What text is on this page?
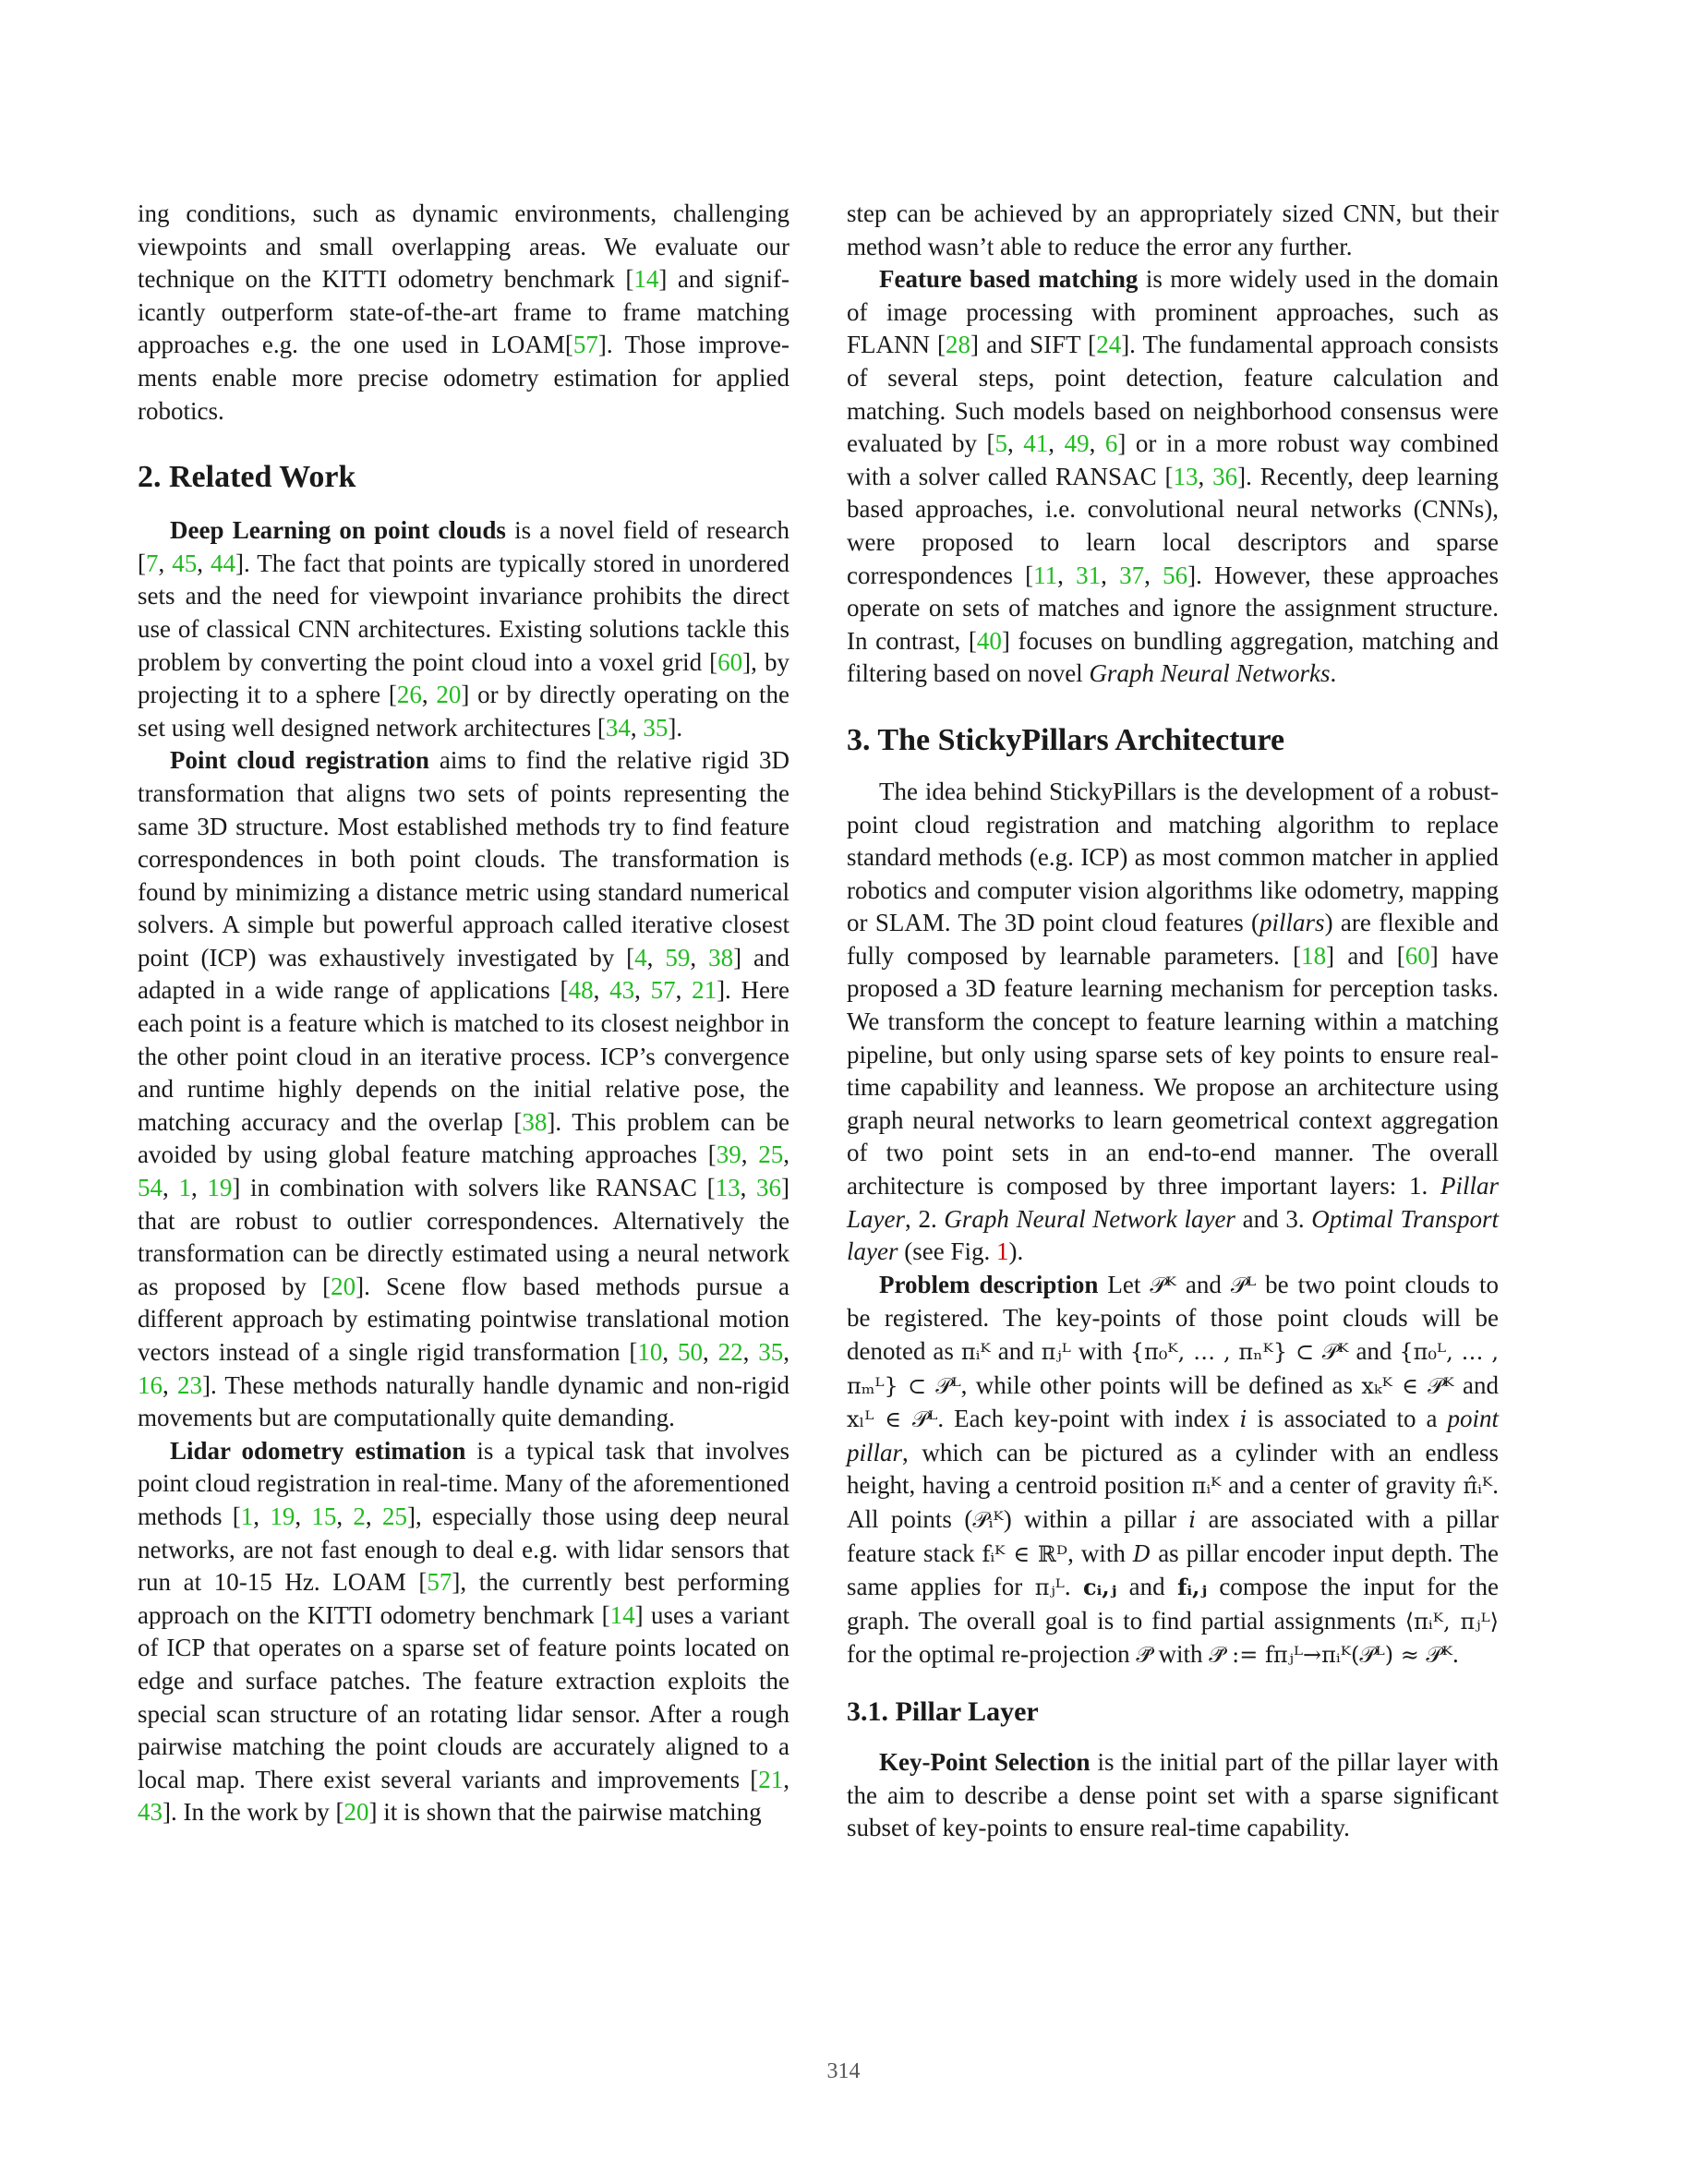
ing conditions, such as dynamic environments, challenging viewpoints and small overlapping areas. We evaluate our technique on the KITTI odometry benchmark [14] and significantly outperform state-of-the-art frame to frame matching approaches e.g. the one used in LOAM[57]. Those improvements enable more precise odometry estimation for applied robotics.

2. Related Work

Deep Learning on point clouds is a novel field of research [7, 45, 44]. The fact that points are typically stored in unordered sets and the need for viewpoint invariance prohibits the direct use of classical CNN architectures. Existing solutions tackle this problem by converting the point cloud into a voxel grid [60], by projecting it to a sphere [26, 20] or by directly operating on the set using well designed network architectures [34, 35].

Point cloud registration aims to find the relative rigid 3D transformation that aligns two sets of points representing the same 3D structure. Most established methods try to find feature correspondences in both point clouds. The transformation is found by minimizing a distance metric using standard numerical solvers. A simple but powerful approach called iterative closest point (ICP) was exhaustively investigated by [4, 59, 38] and adapted in a wide range of applications [48, 43, 57, 21]. Here each point is a feature which is matched to its closest neighbor in the other point cloud in an iterative process. ICP’s convergence and runtime highly depends on the initial relative pose, the matching accuracy and the overlap [38]. This problem can be avoided by using global feature matching approaches [39, 25, 54, 1, 19] in combination with solvers like RANSAC [13, 36] that are robust to outlier correspondences. Alternatively the transformation can be directly estimated using a neural network as proposed by [20]. Scene flow based methods pursue a different approach by estimating pointwise translational motion vectors instead of a single rigid transformation [10, 50, 22, 35, 16, 23]. These methods naturally handle dynamic and non-rigid movements but are computationally quite demanding.

Lidar odometry estimation is a typical task that involves point cloud registration in real-time. Many of the aforementioned methods [1, 19, 15, 2, 25], especially those using deep neural networks, are not fast enough to deal e.g. with lidar sensors that run at 10-15 Hz. LOAM [57], the currently best performing approach on the KITTI odometry benchmark [14] uses a variant of ICP that operates on a sparse set of feature points located on edge and surface patches. The feature extraction exploits the special scan structure of an rotating lidar sensor. After a rough pairwise matching the point clouds are accurately aligned to a local map. There exist several variants and improvements [21, 43]. In the work by [20] it is shown that the pairwise matching

step can be achieved by an appropriately sized CNN, but their method wasn’t able to reduce the error any further.

Feature based matching is more widely used in the domain of image processing with prominent approaches, such as FLANN [28] and SIFT [24]. The fundamental approach consists of several steps, point detection, feature calculation and matching. Such models based on neighborhood consensus were evaluated by [5, 41, 49, 6] or in a more robust way combined with a solver called RANSAC [13, 36]. Recently, deep learning based approaches, i.e. convolutional neural networks (CNNs), were proposed to learn local descriptors and sparse correspondences [11, 31, 37, 56]. However, these approaches operate on sets of matches and ignore the assignment structure. In contrast, [40] focuses on bundling aggregation, matching and filtering based on novel Graph Neural Networks.

3. The StickyPillars Architecture

The idea behind StickyPillars is the development of a robust-point cloud registration and matching algorithm to replace standard methods (e.g. ICP) as most common matcher in applied robotics and computer vision algorithms like odometry, mapping or SLAM. The 3D point cloud features (pillars) are flexible and fully composed by learnable parameters. [18] and [60] have proposed a 3D feature learning mechanism for perception tasks. We transform the concept to feature learning within a matching pipeline, but only using sparse sets of key points to ensure real-time capability and leanness. We propose an architecture using graph neural networks to learn geometrical context aggregation of two point sets in an end-to-end manner. The overall architecture is composed by three important layers: 1. Pillar Layer, 2. Graph Neural Network layer and 3. Optimal Transport layer (see Fig. 1).

Problem description Let 𝒫ᴷ and 𝒫ᴸ be two point clouds to be registered. The key-points of those point clouds will be denoted as πᵢᴷ and πⱼᴸ with {π₀ᴷ, … , πₙᴷ} ⊂ 𝒫ᴷ and {π₀ᴸ, … , πₘᴸ} ⊂ 𝒫ᴸ, while other points will be defined as xₖᴷ ∈ 𝒫ᴷ and xₗᴸ ∈ 𝒫ᴸ. Each key-point with index i is associated to a point pillar, which can be pictured as a cylinder with an endless height, having a centroid position πᵢᴷ and a center of gravity π̂ᵢᴷ. All points (𝒫ᵢᴷ) within a pillar i are associated with a pillar feature stack fᵢᴷ ∈ ℝᴰ, with D as pillar encoder input depth. The same applies for πⱼᴸ. cᵢ,ⱼ and fᵢ,ⱼ compose the input for the graph. The overall goal is to find partial assignments ⟨πᵢᴷ, πⱼᴸ⟩ for the optimal re-projection 𝒫̄ with 𝒫̄ := fπⱼᴸ→πᵢᴷ(𝒫ᴸ) ≈ 𝒫ᴷ.

3.1. Pillar Layer

Key-Point Selection is the initial part of the pillar layer with the aim to describe a dense point set with a sparse significant subset of key-points to ensure real-time capability.

314
